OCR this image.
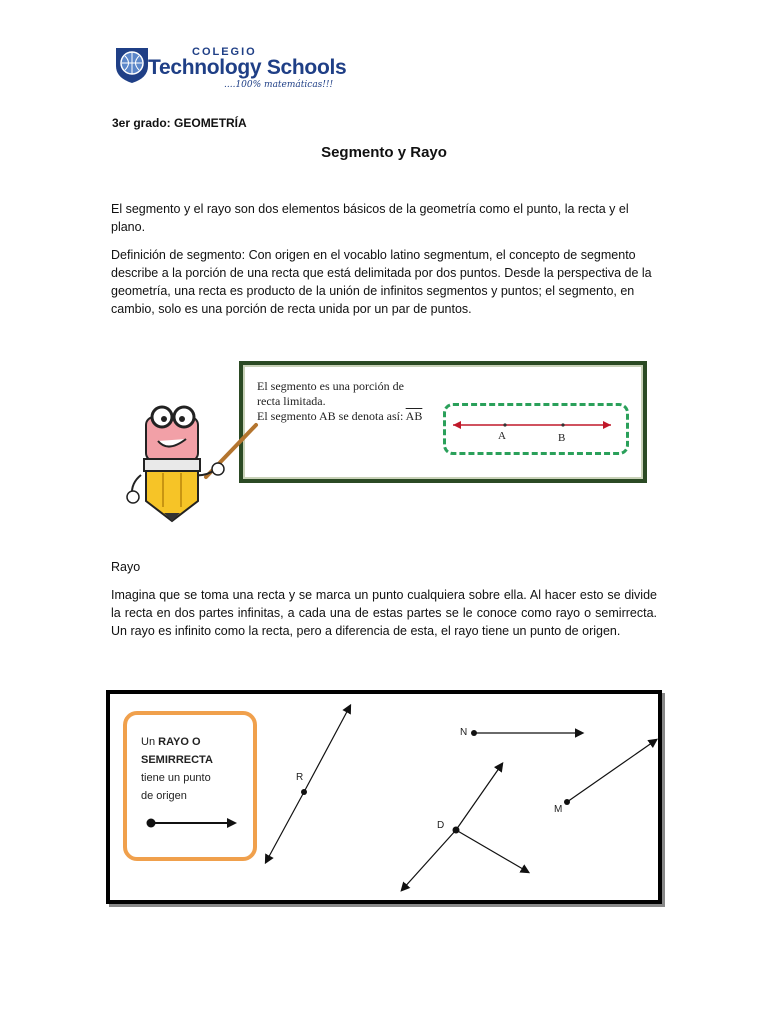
COLEGIO
Technology Schools
....100% matemáticas!!!
3er grado: GEOMETRÍA
Segmento y Rayo
El segmento y el rayo son dos elementos básicos de la geometría como el punto, la recta y el plano.
Definición de segmento: Con origen en el vocablo latino segmentum, el concepto de segmento describe a la porción de una recta que está delimitada por dos puntos. Desde la perspectiva de la geometría, una recta es producto de la unión de infinitos segmentos y puntos; el segmento, en cambio, solo es una porción de recta unida por un par de puntos.
El segmento es una porción de
recta limitada.
El segmento AB se denota así: $\overline{AB}$
A	B
Rayo
Imagina que se toma una recta y se marca un punto cualquiera sobre ella. Al hacer esto se divide la recta en dos partes infinitas, a cada una de estas partes se le conoce como rayo o semirrecta. Un rayo es infinito como la recta, pero a diferencia de esta, el rayo tiene un punto de origen.
Un RAYO O
SEMIRRECTA
tiene un punto
de origen
R
N
D
M
